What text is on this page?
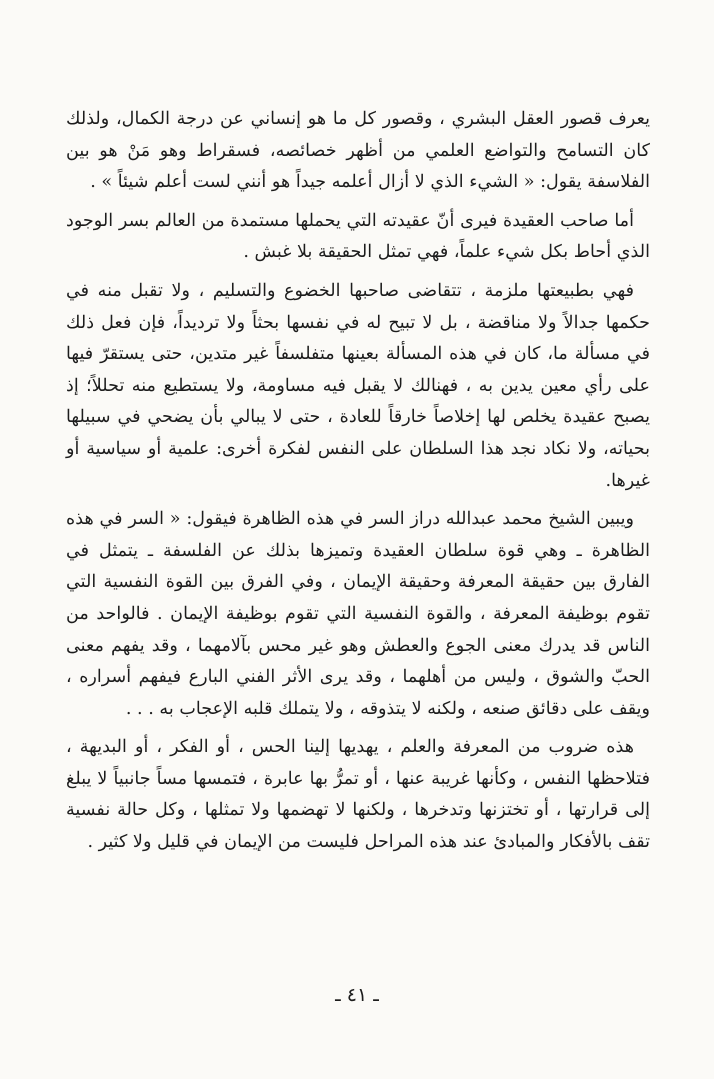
يعرف قصور العقل البشري ، وقصور كل ما هو إنساني عن درجة الكمال، ولذلك كان التسامح والتواضع العلمي من أظهر خصائصه، فسقراط وهو مَنْ هو بين الفلاسفة يقول: « الشيء الذي لا أزال أعلمه جيداً هو أنني لست أعلم شيئاً » .

أما صاحب العقيدة فيرى أنّ عقيدته التي يحملها مستمدة من العالم بسر الوجود الذي أحاط بكل شيء علماً، فهي تمثل الحقيقة بلا غبش .

فهي بطبيعتها ملزمة ، تتقاضى صاحبها الخضوع والتسليم ، ولا تقبل منه في حكمها جدالاً ولا مناقضة ، بل لا تبيح له في نفسها بحثاً ولا ترديداً، فإن فعل ذلك في مسألة ما، كان في هذه المسألة بعينها متفلسفاً غير متدين، حتى يستقرّ فيها على رأي معين يدين به ، فهنالك لا يقبل فيه مساومة، ولا يستطيع منه تحللاً؛ إذ يصبح عقيدة يخلص لها إخلاصاً خارقاً للعادة ، حتى لا يبالي بأن يضحي في سبيلها بحياته، ولا نكاد نجد هذا السلطان على النفس لفكرة أخرى: علمية أو سياسية أو غيرها.

ويبين الشيخ محمد عبدالله دراز السر في هذه الظاهرة فيقول: « السر في هذه الظاهرة ـ وهي قوة سلطان العقيدة وتميزها بذلك عن الفلسفة ـ يتمثل في الفارق بين حقيقة المعرفة وحقيقة الإيمان ، وفي الفرق بين القوة النفسية التي تقوم بوظيفة المعرفة ، والقوة النفسية التي تقوم بوظيفة الإيمان . فالواحد من الناس قد يدرك معنى الجوع والعطش وهو غير محس بآلامهما ، وقد يفهم معنى الحبّ والشوق ، وليس من أهلهما ، وقد يرى الأثر الفني البارع فيفهم أسراره ، ويقف على دقائق صنعه ، ولكنه لا يتذوقه ، ولا يتملك قلبه الإعجاب به . . .

هذه ضروب من المعرفة والعلم ، يهديها إلينا الحس ، أو الفكر ، أو البديهة ، فتلاحظها النفس ، وكأنها غريبة عنها ، أو تمرُّ بها عابرة ، فتمسها مساً جانبياً لا يبلغ إلى قرارتها ، أو تختزنها وتدخرها ، ولكنها لا تهضمها ولا تمثلها ، وكل حالة نفسية تقف بالأفكار والمبادئ عند هذه المراحل فليست من الإيمان في قليل ولا كثير .

ـ ٤١ ـ
